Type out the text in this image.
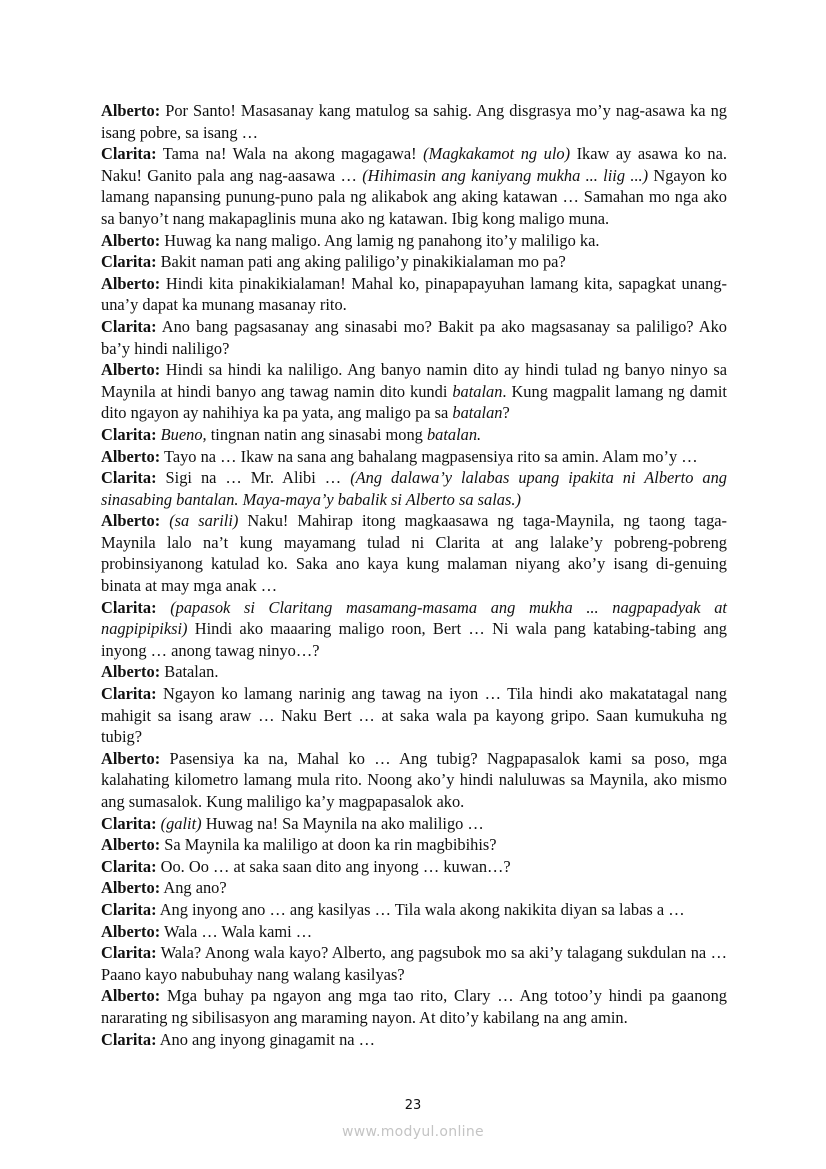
Alberto: Por Santo! Masasanay kang matulog sa sahig. Ang disgrasya mo’y nag-asawa ka ng isang pobre, sa isang …

Clarita: Tama na! Wala na akong magagawa! (Magkakamot ng ulo) Ikaw ay asawa ko na. Naku! Ganito pala ang nag-aasawa … (Hihimasin ang kaniyang mukha ... liig ...) Ngayon ko lamang napansing punung-puno pala ng alikabok ang aking katawan … Samahan mo nga ako sa banyo’t nang makapaglinis muna ako ng katawan. Ibig kong maligo muna.

Alberto: Huwag ka nang maligo. Ang lamig ng panahong ito’y maliligo ka.

Clarita: Bakit naman pati ang aking paliligo’y pinakikialaman mo pa?

Alberto: Hindi kita pinakikialaman! Mahal ko, pinapapayuhan lamang kita, sapagkat unang-una’y dapat ka munang masanay rito.

Clarita: Ano bang pagsasanay ang sinasabi mo? Bakit pa ako magsasanay sa paliligo? Ako ba’y hindi naliligo?

Alberto: Hindi sa hindi ka naliligo. Ang banyo namin dito ay hindi tulad ng banyo ninyo sa Maynila at hindi banyo ang tawag namin dito kundi batalan. Kung magpalit lamang ng damit dito ngayon ay nahihiya ka pa yata, ang maligo pa sa batalan?

Clarita: Bueno, tingnan natin ang sinasabi mong batalan.

Alberto: Tayo na … Ikaw na sana ang bahalang magpasensiya rito sa amin. Alam mo’y …

Clarita: Sigi na … Mr. Alibi … (Ang dalawa’y lalabas upang ipakita ni Alberto ang sinasabing bantalan. Maya-maya’y babalik si Alberto sa salas.)

Alberto: (sa sarili) Naku! Mahirap itong magkaasawa ng taga-Maynila, ng taong taga-Maynila lalo na’t kung mayamang tulad ni Clarita at ang lalake’y pobreng-pobreng probinsiyanong katulad ko. Saka ano kaya kung malaman niyang ako’y isang di-genuing binata at may mga anak …

Clarita: (papasok si Claritang masamang-masama ang mukha ... nagpapadyak at nagpipipiksi) Hindi ako maaaring maligo roon, Bert … Ni wala pang katabing-tabing ang inyong … anong tawag ninyo…?

Alberto: Batalan.

Clarita: Ngayon ko lamang narinig ang tawag na iyon … Tila hindi ako makatatagal nang mahigit sa isang araw … Naku Bert … at saka wala pa kayong gripo. Saan kumukuha ng tubig?

Alberto: Pasensiya ka na, Mahal ko … Ang tubig? Nagpapasalok kami sa poso, mga kalahating kilometro lamang mula rito. Noong ako’y hindi naluluwas sa Maynila, ako mismo ang sumasalok. Kung maliligo ka’y magpapasalok ako.

Clarita: (galit) Huwag na! Sa Maynila na ako maliligo …

Alberto: Sa Maynila ka maliligo at doon ka rin magbibihis?

Clarita: Oo. Oo … at saka saan dito ang inyong … kuwan…?

Alberto: Ang ano?

Clarita: Ang inyong ano … ang kasilyas … Tila wala akong nakikita diyan sa labas a …

Alberto: Wala … Wala kami …

Clarita: Wala? Anong wala kayo? Alberto, ang pagsubok mo sa aki’y talagang sukdulan na … Paano kayo nabubuhay nang walang kasilyas?

Alberto: Mga buhay pa ngayon ang mga tao rito, Clary … Ang totoo’y hindi pa gaanong nararating ng sibilisasyon ang maraming nayon. At dito’y kabilang na ang amin.

Clarita: Ano ang inyong ginagamit na …

23
www.modyul.online
